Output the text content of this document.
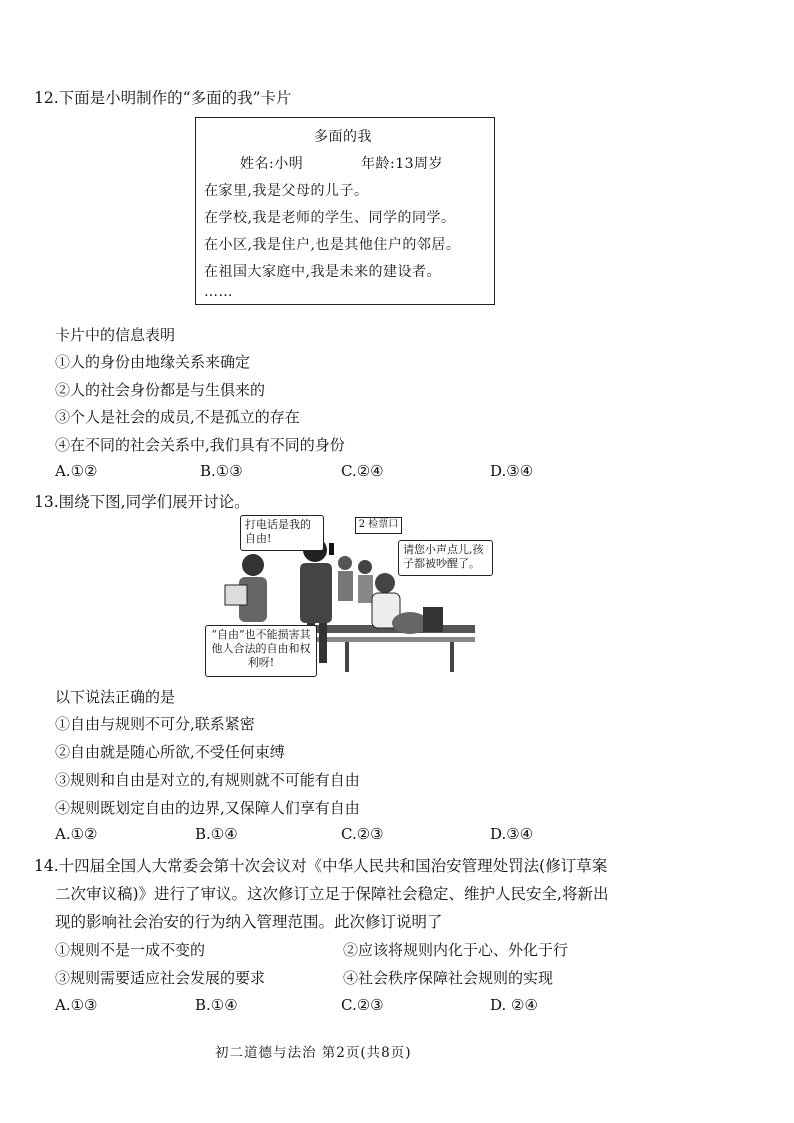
12.下面是小明制作的“多面的我”卡片
多面的我
姓名:小明	年龄:13周岁
在家里,我是父母的儿子。
在学校,我是老师的学生、同学的同学。
在小区,我是住户,也是其他住户的邻居。
在祖国大家庭中,我是未来的建设者。
……
卡片中的信息表明
①人的身份由地缘关系来确定
②人的社会身份都是与生俱来的
③个人是社会的成员,不是孤立的存在
④在不同的社会关系中,我们具有不同的身份
A.①②	B.①③	C.②④	D.③④
13.围绕下图,同学们展开讨论。
打电话是我的自由!
2 检票口
请您小声点儿,孩子都被吵醒了。
“自由”也不能损害其他人合法的自由和权利呀!
以下说法正确的是
①自由与规则不可分,联系紧密
②自由就是随心所欲,不受任何束缚
③规则和自由是对立的,有规则就不可能有自由
④规则既划定自由的边界,又保障人们享有自由
A.①②	B.①④	C.②③	D.③④
14.十四届全国人大常委会第十次会议对《中华人民共和国治安管理处罚法(修订草案
二次审议稿)》进行了审议。这次修订立足于保障社会稳定、维护人民安全,将新出
现的影响社会治安的行为纳入管理范围。此次修订说明了
①规则不是一成不变的	②应该将规则内化于心、外化于行
③规则需要适应社会发展的要求	④社会秩序保障社会规则的实现
A.①③	B.①④	C.②③	D. ②④
初二道德与法治 第2页(共8页)
